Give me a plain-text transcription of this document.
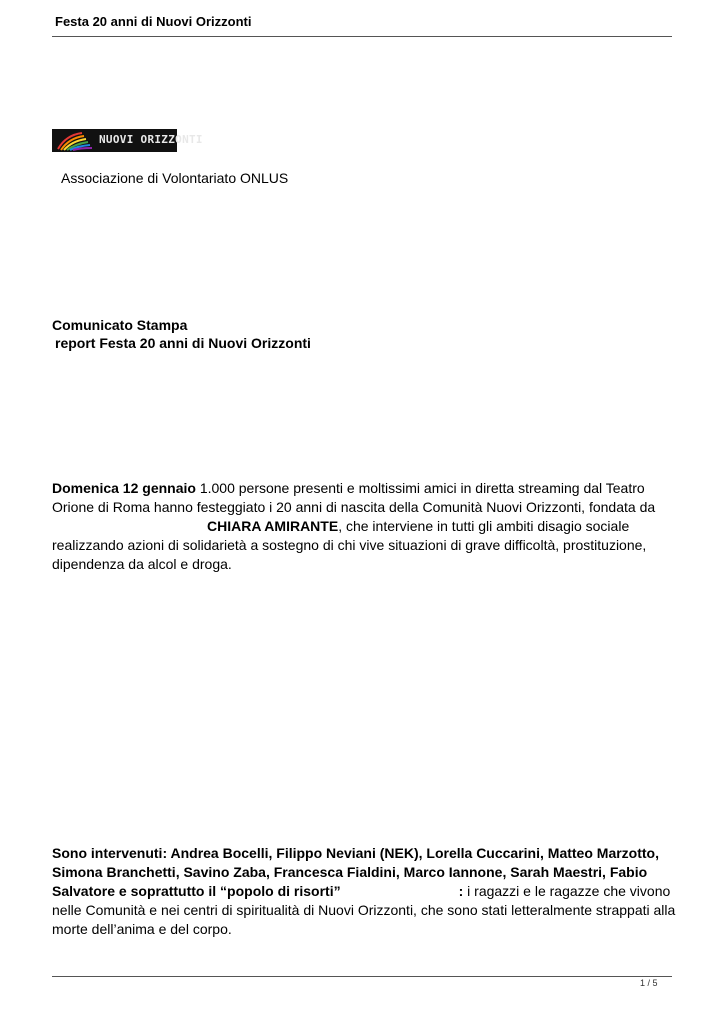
Festa 20 anni di Nuovi Orizzonti
NUOVI ORIZZONTI
Associazione di Volontariato ONLUS
Comunicato Stampa
report Festa 20 anni di Nuovi Orizzonti
Domenica 12 gennaio 1.000 persone presenti e moltissimi amici in diretta streaming dal Teatro Orione di Roma hanno festeggiato i 20 anni di nascita della Comunità Nuovi Orizzonti, fondata daCHIARA AMIRANTE, che interviene in tutti gli ambiti disagio sociale realizzando azioni di solidarietà a sostegno di chi vive situazioni di grave difficoltà, prostituzione, dipendenza da alcol e droga.
Sono intervenuti: Andrea Bocelli, Filippo Neviani (NEK), Lorella Cuccarini, Matteo Marzotto, Simona Branchetti, Savino Zaba, Francesca Fialdini, Marco Iannone, Sarah Maestri, Fabio Salvatore e soprattutto il “popolo di risorti”	: i ragazzi e le ragazze che vivono nelle Comunità e nei centri di spiritualità di Nuovi Orizzonti, che sono stati letteralmente strappati alla morte dell’anima e del corpo.
1 / 5
